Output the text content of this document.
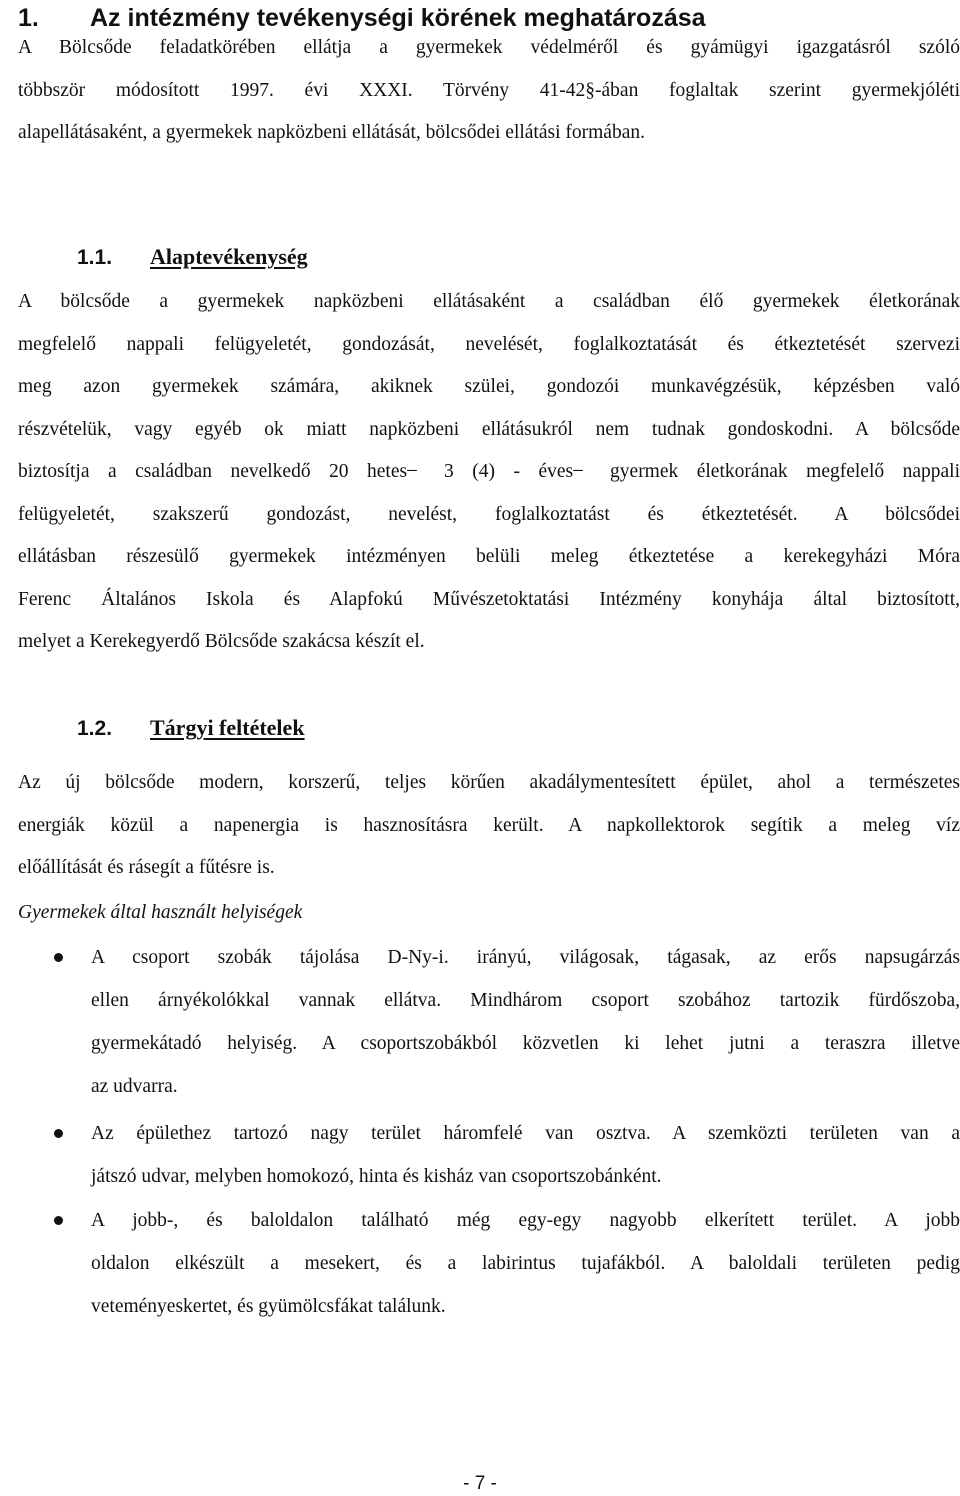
1. Az intézmény tevékenységi körének meghatározása
A Bölcsőde feladatkörében ellátja a gyermekek védelméről és gyámügyi igazgatásról szóló
többször módosított 1997. évi XXXI. Törvény 41-42§-ában foglaltak szerint gyermekjóléti
alapellátásaként, a gyermekek napközbeni ellátását, bölcsődei ellátási formában.
1.1. Alaptevékenység
A bölcsőde a gyermekek napközbeni ellátásaként a családban élő gyermekek életkorának
megfelelő nappali felügyeletét, gondozását, nevelését, foglalkoztatását és étkeztetését szervezi
meg azon gyermekek számára, akiknek szülei, gondozói munkavégzésük, képzésben való
részvételük, vagy egyéb ok miatt napközbeni ellátásukról nem tudnak gondoskodni. A bölcsőde
biztosítja a családban nevelkedő 20 hetes ̶ 3 (4) - éves ̶ gyermek életkorának megfelelő nappali
felügyeletét, szakszerű gondozást, nevelést, foglalkoztatást és étkeztetését. A bölcsődei
ellátásban részesülő gyermekek intézményen belüli meleg étkeztetése a kerekegyházi Móra
Ferenc Általános Iskola és Alapfokú Művészetoktatási Intézmény konyhája által biztosított,
melyet a Kerekegyerdő Bölcsőde szakácsa készít el.
1.2. Tárgyi feltételek
Az új bölcsőde modern, korszerű, teljes körűen akadálymentesített épület, ahol a természetes
energiák közül a napenergia is hasznosításra került. A napkollektorok segítik a meleg víz
előállítását és rásegít a fűtésre is.

Gyermekek által használt helyiségek

A csoport szobák tájolása D-Ny-i. irányú, világosak, tágasak, az erős napsugárzás
ellen árnyékolókkal vannak ellátva. Mindhárom csoport szobához tartozik fürdőszoba,
gyermekátadó helyiség. A csoportszobákból közvetlen ki lehet jutni a teraszra illetve
az udvarra.
Az épülethez tartozó nagy terület háromfelé van osztva. A szemközti területen van a
játszó udvar, melyben homokozó, hinta és kisház van csoportszobánként.
A jobb-, és baloldalon található még egy-egy nagyobb elkerített terület. A jobb
oldalon elkészült a mesekert, és a labirintus tujafákból. A baloldali területen pedig
veteményeskertet, és gyümölcsfákat találunk.

- 7 -
